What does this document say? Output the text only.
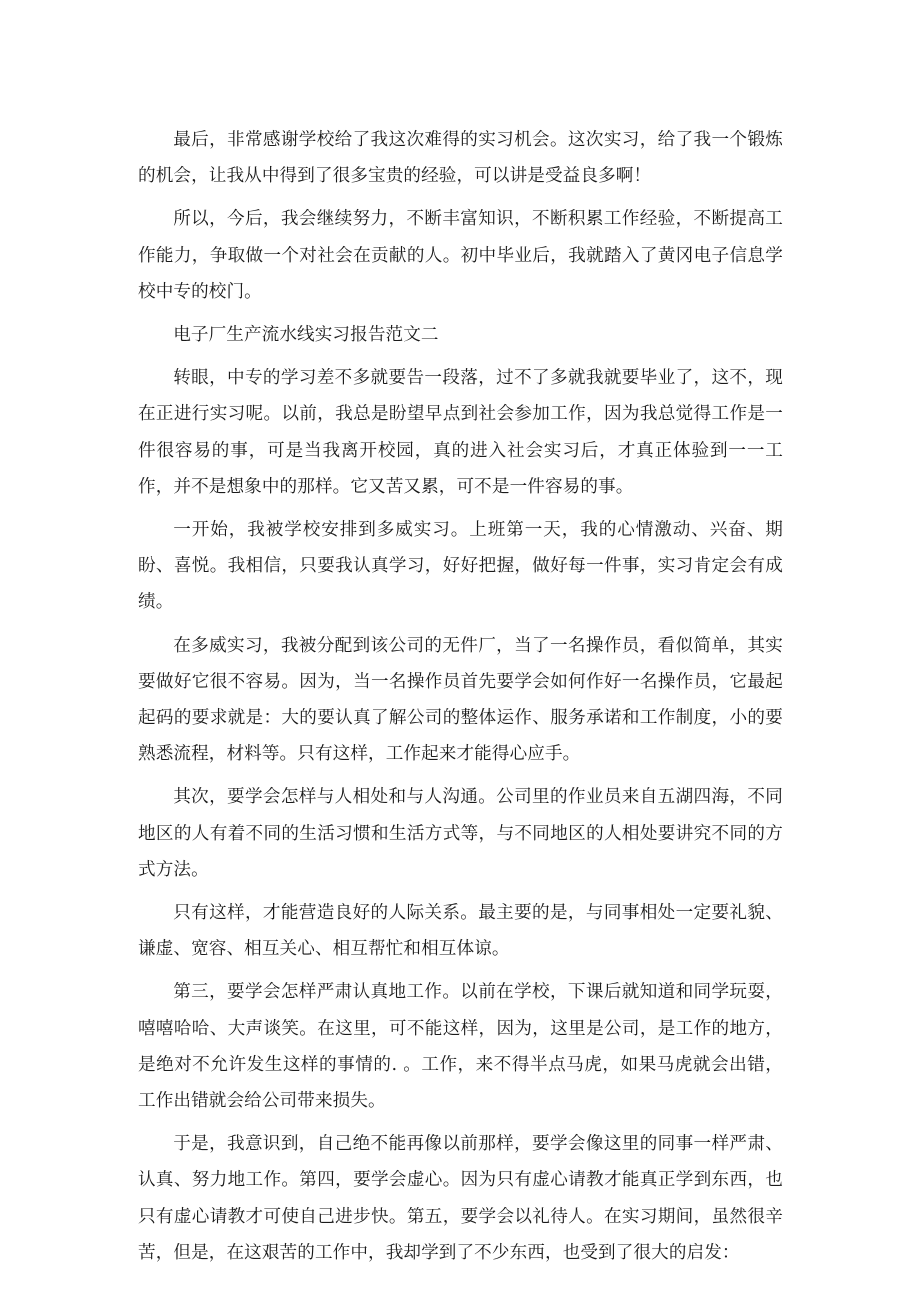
最后，非常感谢学校给了我这次难得的实习机会。这次实习，给了我一个锻炼的机会，让我从中得到了很多宝贵的经验，可以讲是受益良多啊！

所以，今后，我会继续努力，不断丰富知识，不断积累工作经验，不断提高工作能力，争取做一个对社会在贡献的人。初中毕业后，我就踏入了黄冈电子信息学校中专的校门。

电子厂生产流水线实习报告范文二

转眼，中专的学习差不多就要告一段落，过不了多就我就要毕业了，这不，现在正进行实习呢。以前，我总是盼望早点到社会参加工作，因为我总觉得工作是一件很容易的事，可是当我离开校园，真的进入社会实习后，才真正体验到一一工作，并不是想象中的那样。它又苦又累，可不是一件容易的事。

一开始，我被学校安排到多威实习。上班第一天，我的心情激动、兴奋、期盼、喜悦。我相信，只要我认真学习，好好把握，做好每一件事，实习肯定会有成绩。

在多威实习，我被分配到该公司的无件厂，当了一名操作员，看似简单，其实要做好它很不容易。因为，当一名操作员首先要学会如何作好一名操作员，它最起起码的要求就是：大的要认真了解公司的整体运作、服务承诺和工作制度，小的要熟悉流程，材料等。只有这样，工作起来才能得心应手。

其次，要学会怎样与人相处和与人沟通。公司里的作业员来自五湖四海，不同地区的人有着不同的生活习惯和生活方式等，与不同地区的人相处要讲究不同的方式方法。

只有这样，才能营造良好的人际关系。最主要的是，与同事相处一定要礼貌、谦虚、宽容、相互关心、相互帮忙和相互体谅。

第三，要学会怎样严肃认真地工作。以前在学校，下课后就知道和同学玩耍，嘻嘻哈哈、大声谈笑。在这里，可不能这样，因为，这里是公司，是工作的地方，是绝对不允许发生这样的事情的. 。工作，来不得半点马虎，如果马虎就会出错，工作出错就会给公司带来损失。

于是，我意识到，自己绝不能再像以前那样，要学会像这里的同事一样严肃、认真、努力地工作。第四，要学会虚心。因为只有虚心请教才能真正学到东西，也只有虚心请教才可使自己进步快。第五，要学会以礼待人。在实习期间，虽然很辛苦，但是，在这艰苦的工作中，我却学到了不少东西，也受到了很大的启发：
